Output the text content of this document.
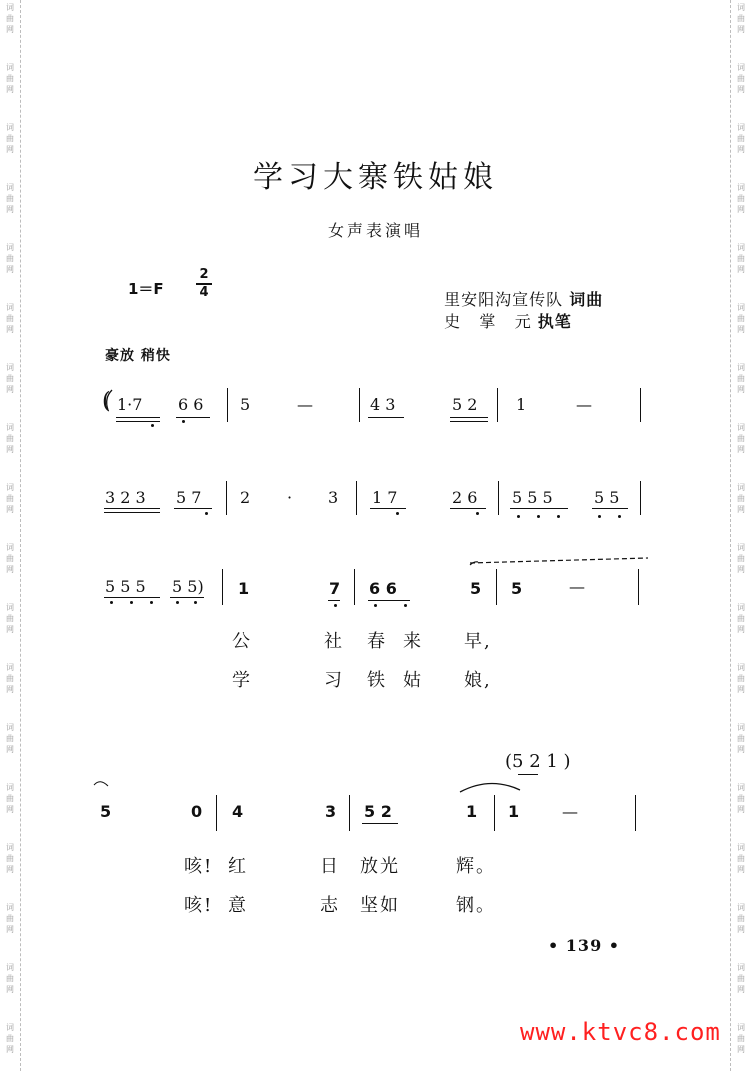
词
曲
网
词
曲
网
词
曲
网
词
曲
网
词
曲
网
词
曲
网
词
曲
网
词
曲
网
词
曲
网
词
曲
网
词
曲
网
词
曲
网
词
曲
网
词
曲
网
词
曲
网
词
曲
网
词
曲
网
词
曲
网
词
曲
网
词
曲
网
词
曲
网
词
曲
网
词
曲
网
词
曲
网
词
曲
网
词
曲
网
词
曲
网
词
曲
网
词
曲
网
词
曲
网
词
曲
网
词
曲
网
词
曲
网
词
曲
网
词
曲
网
词
曲
网
学习大寨铁姑娘
女声表演唱
1＝F
2
4	里安阳沟宣传队 词曲

史   掌   元 执笔

豪放 稍快
( 1·7 6 6 5	—	4 3	5 2 1	—
3 2 3 5 7 2 · 3 1 7	2 6 5 5 5	5 5
5 5 5 5 5) 1	7 6 6	5 5	—
公	社 春 来 早,
学	习 铁 姑 娘,
(5 2 1 )
5	0 4	3 5 2	1 1	—
咳! 红	日 放光	辉。
咳! 意	志 坚如	钢。
• 139 •
www.ktvc8.com
